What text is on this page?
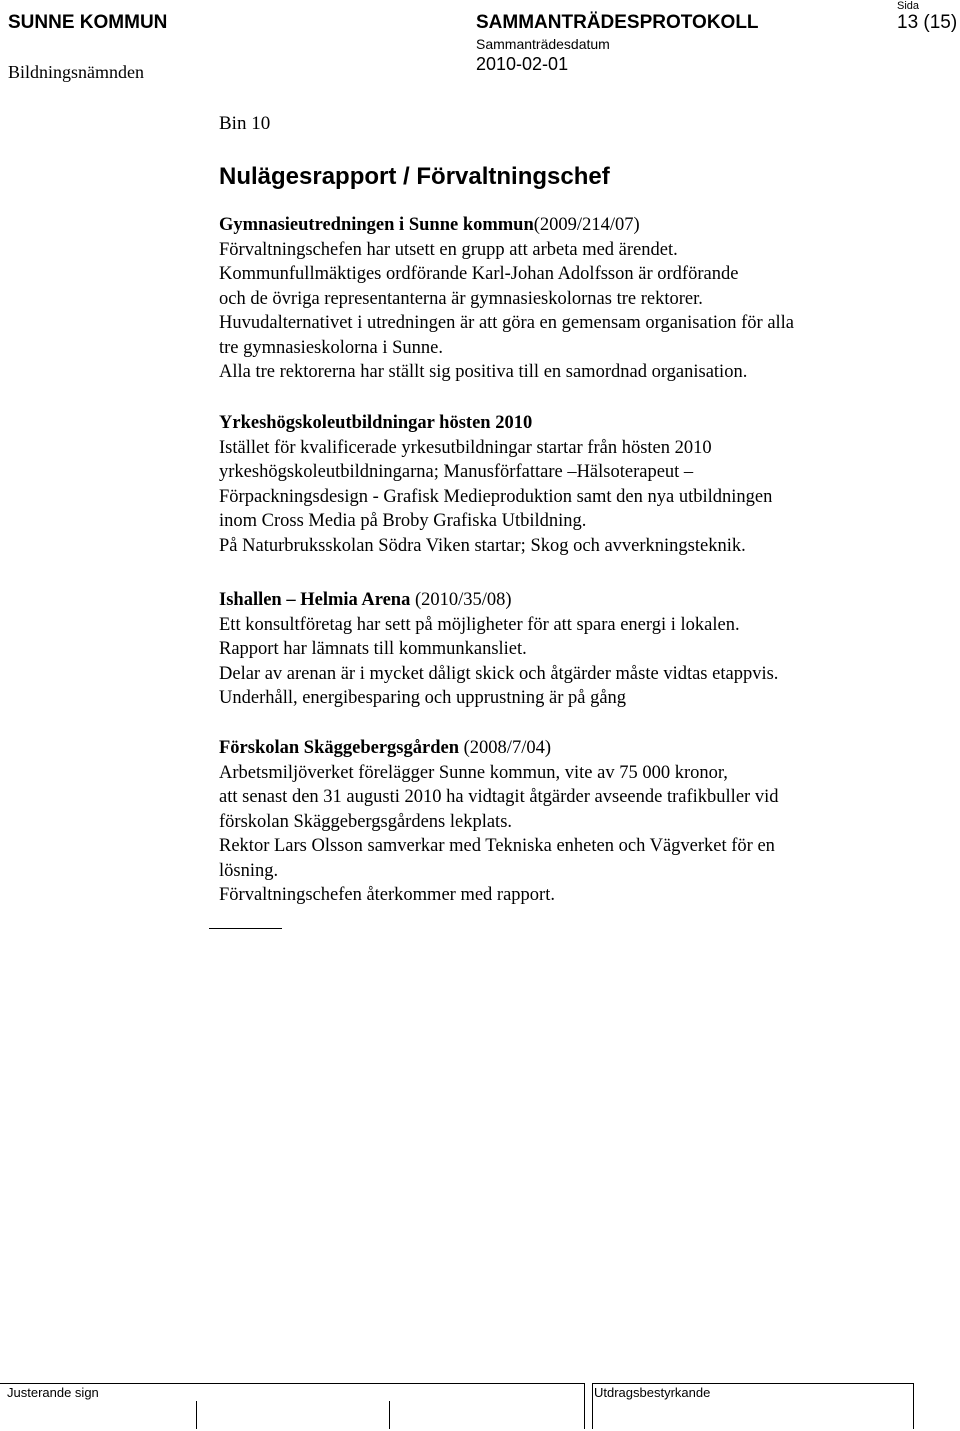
SUNNE KOMMUN
Bildningsnämnden
SAMMANTRÄDESPROTOKOLL
Sammanträdesdatum
2010-02-01
Sida
13 (15)
Bin 10
Nulägesrapport / Förvaltningschef

Gymnasieutredningen i Sunne kommun(2009/214/07)

Förvaltningschefen har utsett en grupp att arbeta med ärendet.

Kommunfullmäktiges ordförande Karl-Johan Adolfsson är ordförande

och de övriga representanterna är gymnasieskolornas tre rektorer.

Huvudalternativet i utredningen är att göra en gemensam organisation för alla

tre gymnasieskolorna i Sunne.

Alla tre rektorerna har ställt sig positiva till en samordnad organisation.

Yrkeshögskoleutbildningar hösten 2010

Istället för kvalificerade yrkesutbildningar startar från hösten 2010

yrkeshögskoleutbildningarna; Manusförfattare –Hälsoterapeut –

Förpackningsdesign - Grafisk Medieproduktion samt den nya utbildningen

inom Cross Media på Broby Grafiska Utbildning.

På Naturbruksskolan Södra Viken startar; Skog och avverkningsteknik.

Ishallen – Helmia Arena (2010/35/08)

Ett konsultföretag har sett på möjligheter för att spara energi i lokalen.

Rapport har lämnats till kommunkansliet.

Delar av arenan är i mycket dåligt skick och åtgärder måste vidtas etappvis.

Underhåll, energibesparing och upprustning är på gång

Förskolan Skäggebergsgården (2008/7/04)

Arbetsmiljöverket förelägger Sunne kommun, vite av 75 000 kronor,

att senast den 31 augusti 2010 ha vidtagit åtgärder avseende trafikbuller vid

förskolan Skäggebergsgårdens lekplats.

Rektor Lars Olsson samverkar med Tekniska enheten och Vägverket för en

lösning.

Förvaltningschefen återkommer med rapport.

Justerande sign	Utdragsbestyrkande
